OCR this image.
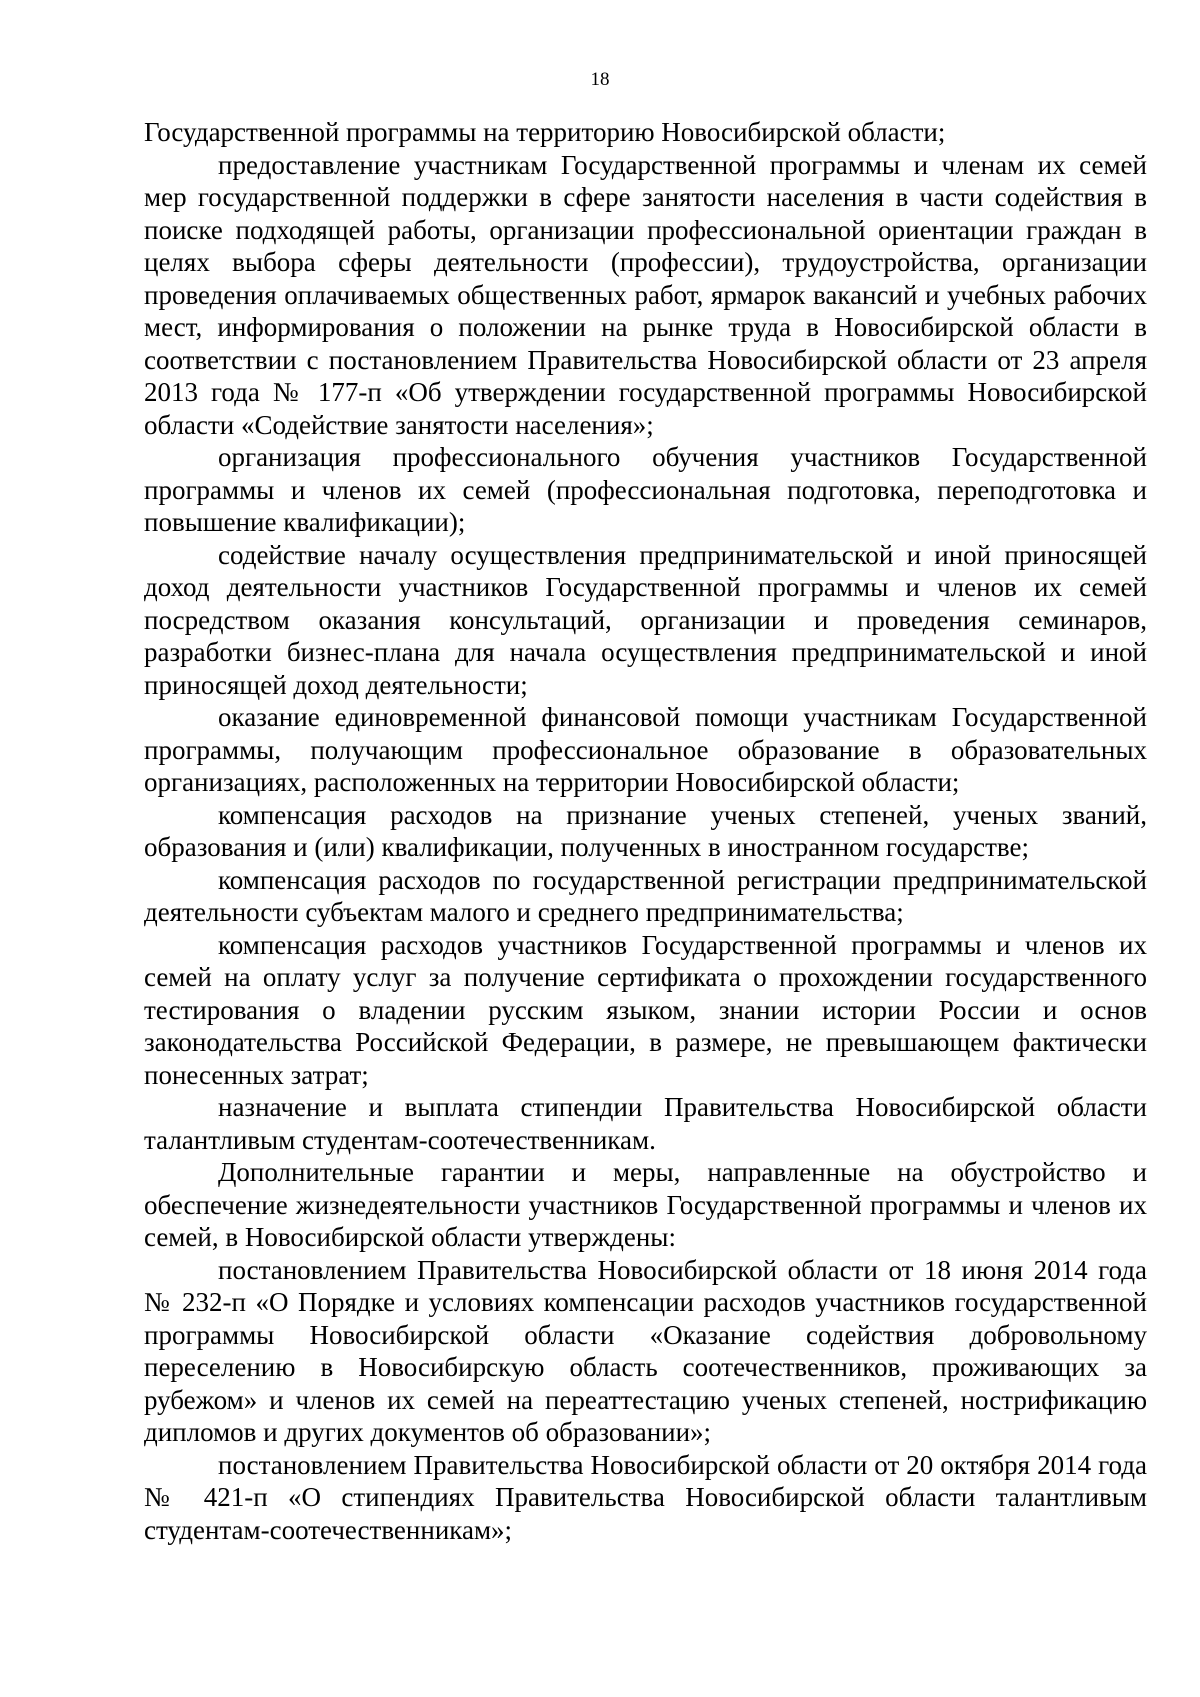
18

Государственной программы на территорию Новосибирской области;

предоставление участникам Государственной программы и членам их семей мер государственной поддержки в сфере занятости населения в части содействия в поиске подходящей работы, организации профессиональной ориентации граждан в целях выбора сферы деятельности (профессии), трудоустройства, организации проведения оплачиваемых общественных работ, ярмарок вакансий и учебных рабочих мест, информирования о положении на рынке труда в Новосибирской области в соответствии с постановлением Правительства Новосибирской области от 23 апреля 2013 года № 177-п «Об утверждении государственной программы Новосибирской области «Содействие занятости населения»;

организация профессионального обучения участников Государственной программы и членов их семей (профессиональная подготовка, переподготовка и повышение квалификации);

содействие началу осуществления предпринимательской и иной приносящей доход деятельности участников Государственной программы и членов их семей посредством оказания консультаций, организации и проведения семинаров, разработки бизнес-плана для начала осуществления предпринимательской и иной приносящей доход деятельности;

оказание единовременной финансовой помощи участникам Государственной программы, получающим профессиональное образование в образовательных организациях, расположенных на территории Новосибирской области;

компенсация расходов на признание ученых степеней, ученых званий, образования и (или) квалификации, полученных в иностранном государстве;

компенсация расходов по государственной регистрации предпринимательской деятельности субъектам малого и среднего предпринимательства;

компенсация расходов участников Государственной программы и членов их семей на оплату услуг за получение сертификата о прохождении государственного тестирования о владении русским языком, знании истории России и основ законодательства Российской Федерации, в размере, не превышающем фактически понесенных затрат;

назначение и выплата стипендии Правительства Новосибирской области талантливым студентам-соотечественникам.

Дополнительные гарантии и меры, направленные на обустройство и обеспечение жизнедеятельности участников Государственной программы и членов их семей, в Новосибирской области утверждены:

постановлением Правительства Новосибирской области от 18 июня 2014 года № 232-п «О Порядке и условиях компенсации расходов участников государственной программы Новосибирской области «Оказание содействия добровольному переселению в Новосибирскую область соотечественников, проживающих за рубежом» и членов их семей на переаттестацию ученых степеней, нострификацию дипломов и других документов об образовании»;

постановлением Правительства Новосибирской области от 20 октября 2014 года № 421-п «О стипендиях Правительства Новосибирской области талантливым студентам-соотечественникам»;
